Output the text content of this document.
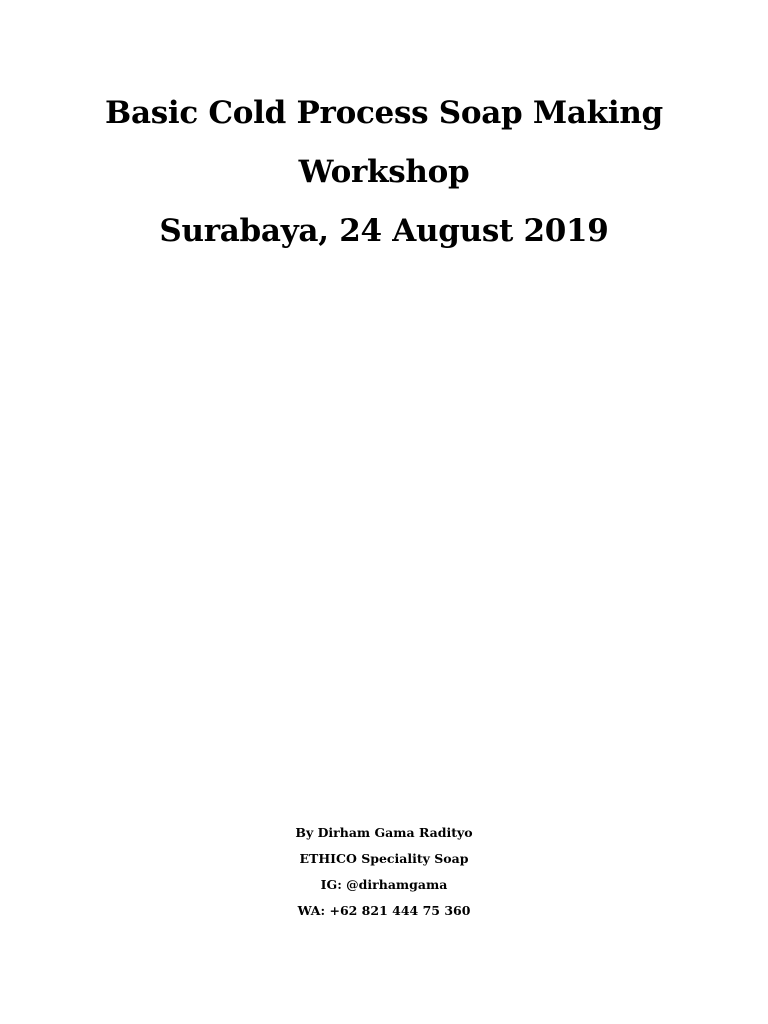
Basic Cold Process Soap Making
Workshop
Surabaya, 24 August 2019
By Dirham Gama Radityo
ETHICO Speciality Soap
IG: @dirhamgama
WA: +62 821 444 75 360
